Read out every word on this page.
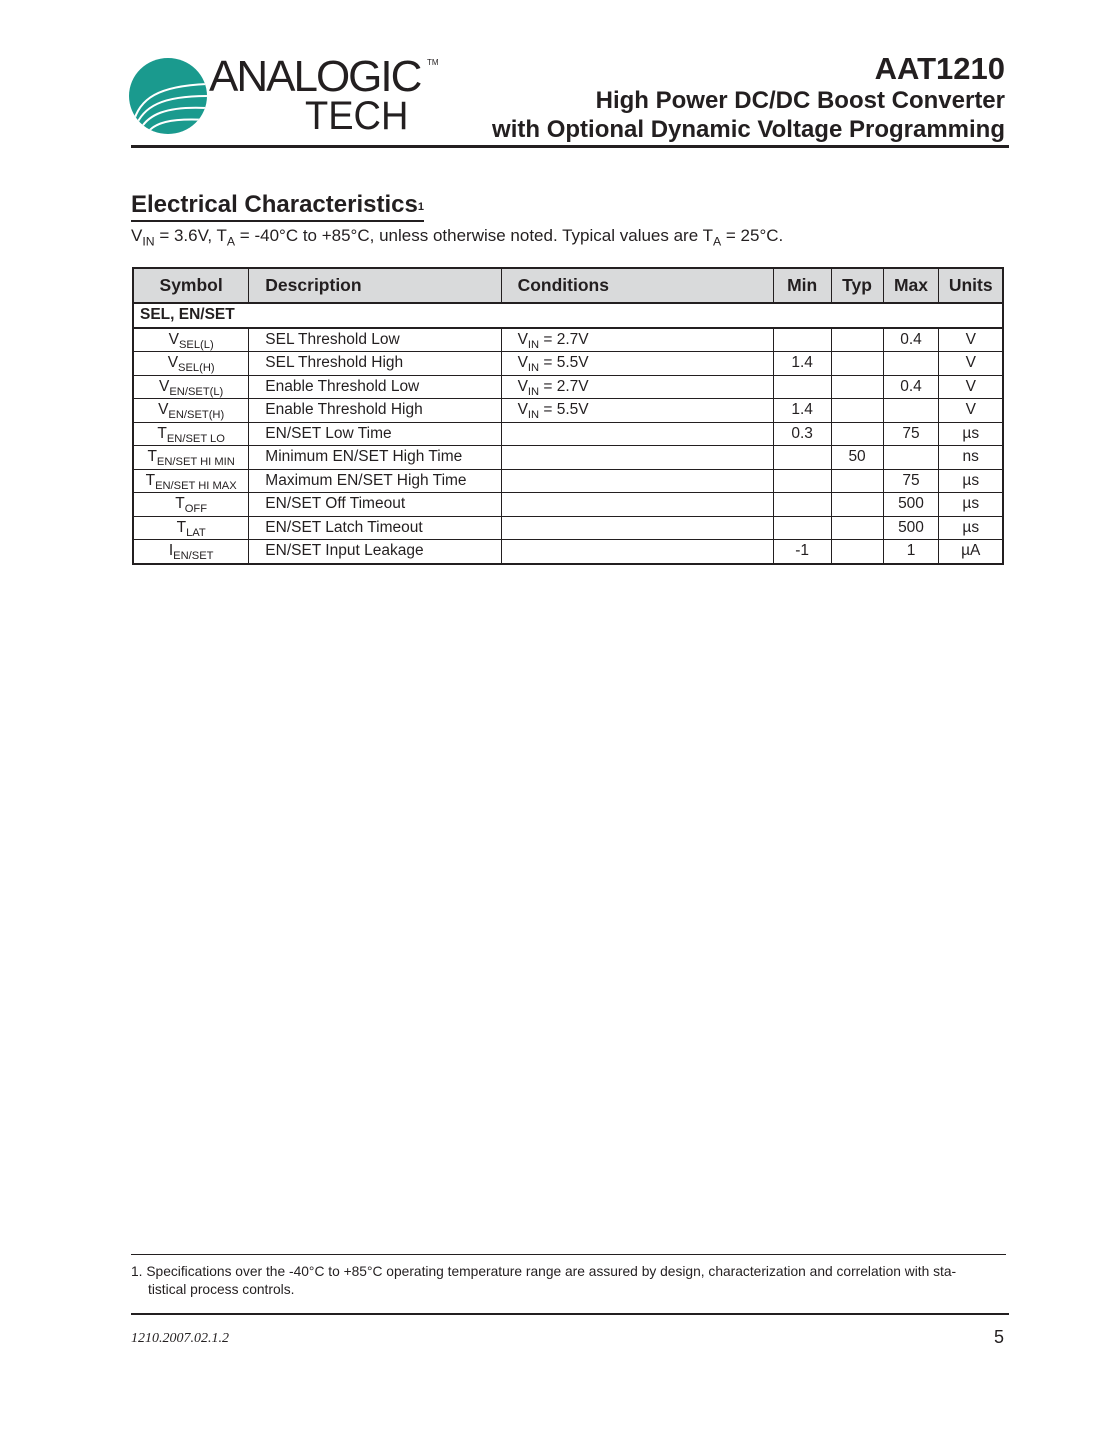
ANALOGIC TM
TECH
AAT1210
High Power DC/DC Boost Converter
with Optional Dynamic Voltage Programming
Electrical Characteristics$^1$
$V_{IN} = 3.6V$, $T_A = -40^\circ C$ to +85°C, unless otherwise noted. Typical values are $T_A = 25^\circ C$.
Symbol	Description	Conditions	Min	Typ	Max	Units
SEL, EN/SET						
$V_{SEL(L)}$	SEL Threshold Low	$V_{IN} = 2.7V$			0.4	V
$V_{SEL(H)}$	SEL Threshold High	$V_{IN} = 5.5V$	1.4			V
$V_{EN/SET(L)}$	Enable Threshold Low	$V_{IN} = 2.7V$			0.4	V
$V_{EN/SET(H)}$	Enable Threshold High	$V_{IN} = 5.5V$	1.4			V
$T_{EN/SET LO}$	EN/SET Low Time		0.3		75	µs
$T_{EN/SET HI MIN}$	Minimum EN/SET High Time			50		ns
$T_{EN/SET HI MAX}$	Maximum EN/SET High Time				75	µs
$T_{OFF}$	EN/SET Off Timeout				500	µs
$T_{LAT}$	EN/SET Latch Timeout				500	µs
$I_{EN/SET}$	EN/SET Input Leakage		-1		1	µA
1. Specifications over the -40°C to +85°C operating temperature range are assured by design, characterization and correlation with sta-
tistical process controls.
1210.2007.02.1.2	5
